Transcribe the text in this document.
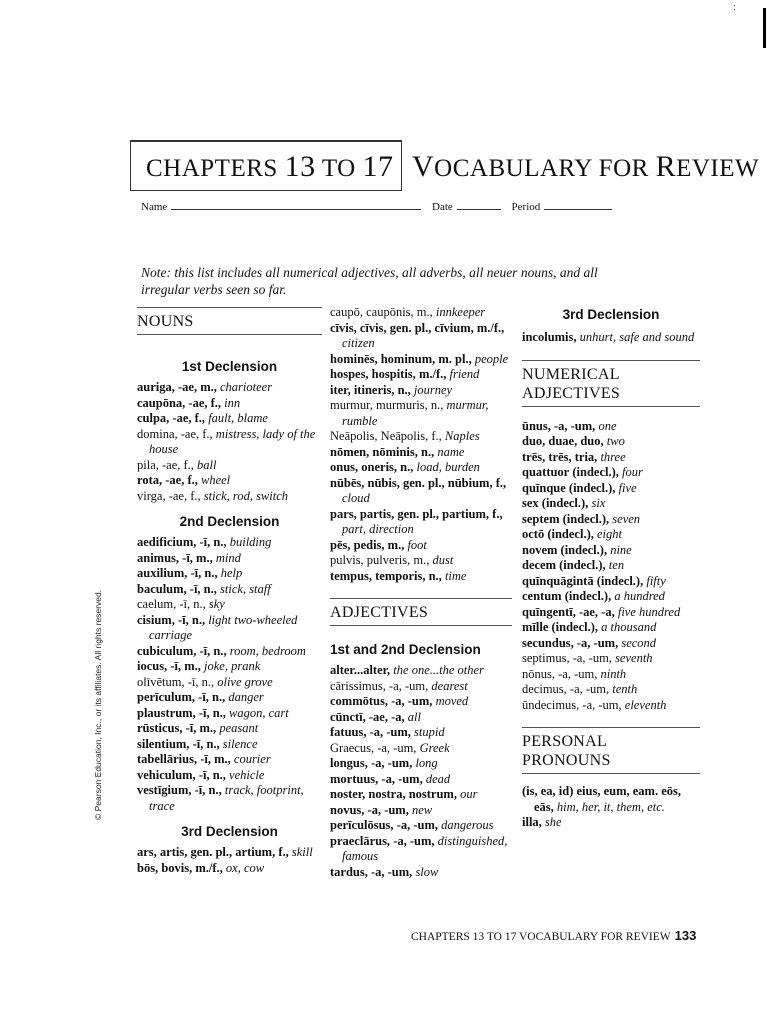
:
CHAPTERS 13 TO 17 VOCABULARY FOR REVIEW
Name	Date	Period
Note: this list includes all numerical adjectives, all adverbs, all neuer nouns, and all irregular verbs seen so far.
NOUNS

1st Declension

auriga, -ae, m., charioteer

caupōna, -ae, f., inn

culpa, -ae, f., fault, blame

domina, -ae, f., mistress, lady of the house

pila, -ae, f., ball

rota, -ae, f., wheel

virga, -ae, f., stick, rod, switch

2nd Declension

aedificium, -ī, n., building

animus, -ī, m., mind

auxilium, -ī, n., help

baculum, -ī, n., stick, staff

caelum, -ī, n., sky

cisium, -ī, n., light two-wheeled carriage

cubiculum, -ī, n., room, bedroom

iocus, -ī, m., joke, prank

olīvētum, -ī, n., olive grove

perīculum, -ī, n., danger

plaustrum, -ī, n., wagon, cart

rūsticus, -ī, m., peasant

silentium, -ī, n., silence

tabellārius, -ī, m., courier

vehiculum, -ī, n., vehicle

vestīgium, -ī, n., track, footprint, trace

3rd Declension

ars, artis, gen. pl., artium, f., skill

bōs, bovis, m./f., ox, cow

caupō, caupōnis, m., innkeeper

cīvis, cīvis, gen. pl., cīvium, m./f., citizen

hominēs, hominum, m. pl., people

hospes, hospitis, m./f., friend

iter, itineris, n., journey

murmur, murmuris, n., murmur, rumble

Neāpolis, Neāpolis, f., Naples

nōmen, nōminis, n., name

onus, oneris, n., load, burden

nūbēs, nūbis, gen. pl., nūbium, f., cloud

pars, partis, gen. pl., partium, f., part, direction

pēs, pedis, m., foot

pulvis, pulveris, m., dust

tempus, temporis, n., time

ADJECTIVES

1st and 2nd Declension

alter...alter, the one...the other

cārissimus, -a, -um, dearest

commōtus, -a, -um, moved

cūnctī, -ae, -a, all

fatuus, -a, -um, stupid

Graecus, -a, -um, Greek

longus, -a, -um, long

mortuus, -a, -um, dead

noster, nostra, nostrum, our

novus, -a, -um, new

perīculōsus, -a, -um, dangerous

praeclārus, -a, -um, distinguished, famous

tardus, -a, -um, slow

3rd Declension

incolumis, unhurt, safe and sound

NUMERICAL
ADJECTIVES

ūnus, -a, -um, one

duo, duae, duo, two

trēs, trēs, tria, three

quattuor (indecl.), four

quīnque (indecl.), five

sex (indecl.), six

septem (indecl.), seven

octō (indecl.), eight

novem (indecl.), nine

decem (indecl.), ten

quīnquāgintā (indecl.), fifty

centum (indecl.), a hundred

quīngentī, -ae, -a, five hundred

mīlle (indecl.), a thousand

secundus, -a, -um, second

septimus, -a, -um, seventh

nōnus, -a, -um, ninth

decimus, -a, -um, tenth

ūndecimus, -a, -um, eleventh

PERSONAL
PRONOUNS

(is, ea, id) eius, eum, eam. eōs, eās, him, her, it, them, etc.

illa, she

CHAPTERS 13 TO 17 VOCABULARY FOR REVIEW 133
© Pearson Education, Inc., or its affiliates. All rights reserved.
